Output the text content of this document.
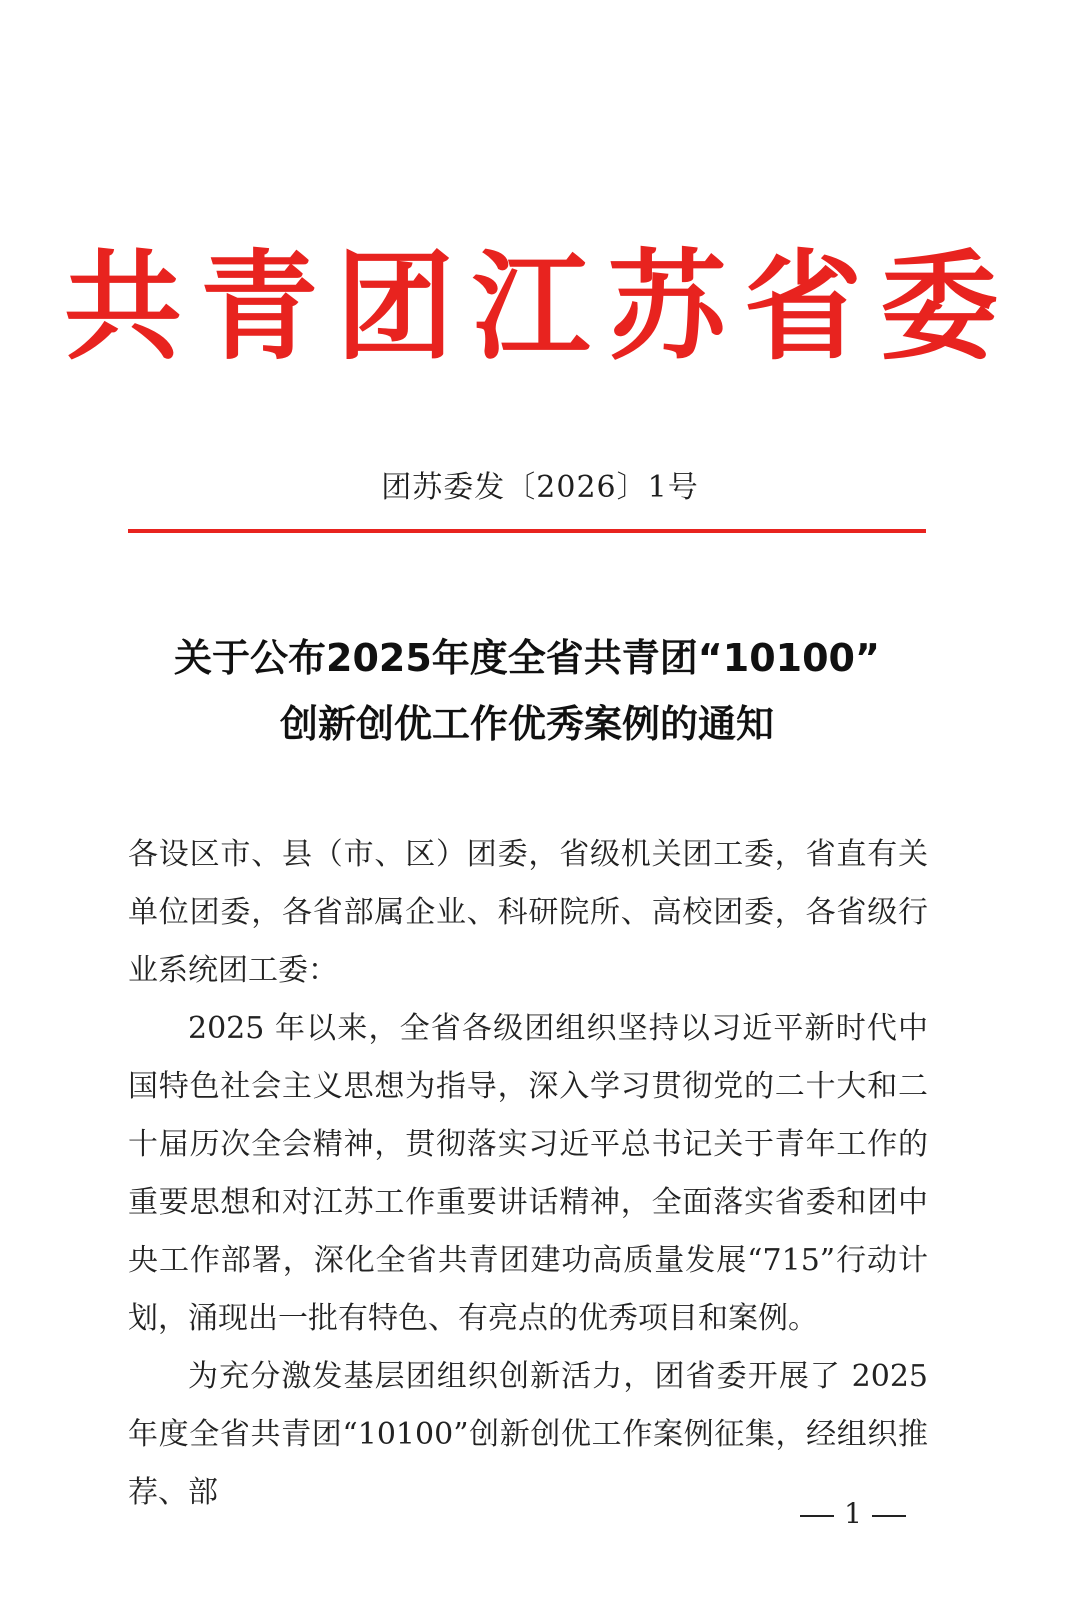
共青团江苏省委
团苏委发〔2026〕1号
关于公布2025年度全省共青团“10100”
创新创优工作优秀案例的通知

各设区市、县（市、区）团委，省级机关团工委，省直有关单位团委，各省部属企业、科研院所、高校团委，各省级行业系统团工委：

2025 年以来，全省各级团组织坚持以习近平新时代中国特色社会主义思想为指导，深入学习贯彻党的二十大和二十届历次全会精神，贯彻落实习近平总书记关于青年工作的重要思想和对江苏工作重要讲话精神，全面落实省委和团中央工作部署，深化全省共青团建功高质量发展“715”行动计划，涌现出一批有特色、有亮点的优秀项目和案例。

为充分激发基层团组织创新活力，团省委开展了 2025 年度全省共青团“10100”创新创优工作案例征集，经组织推荐、部

1
